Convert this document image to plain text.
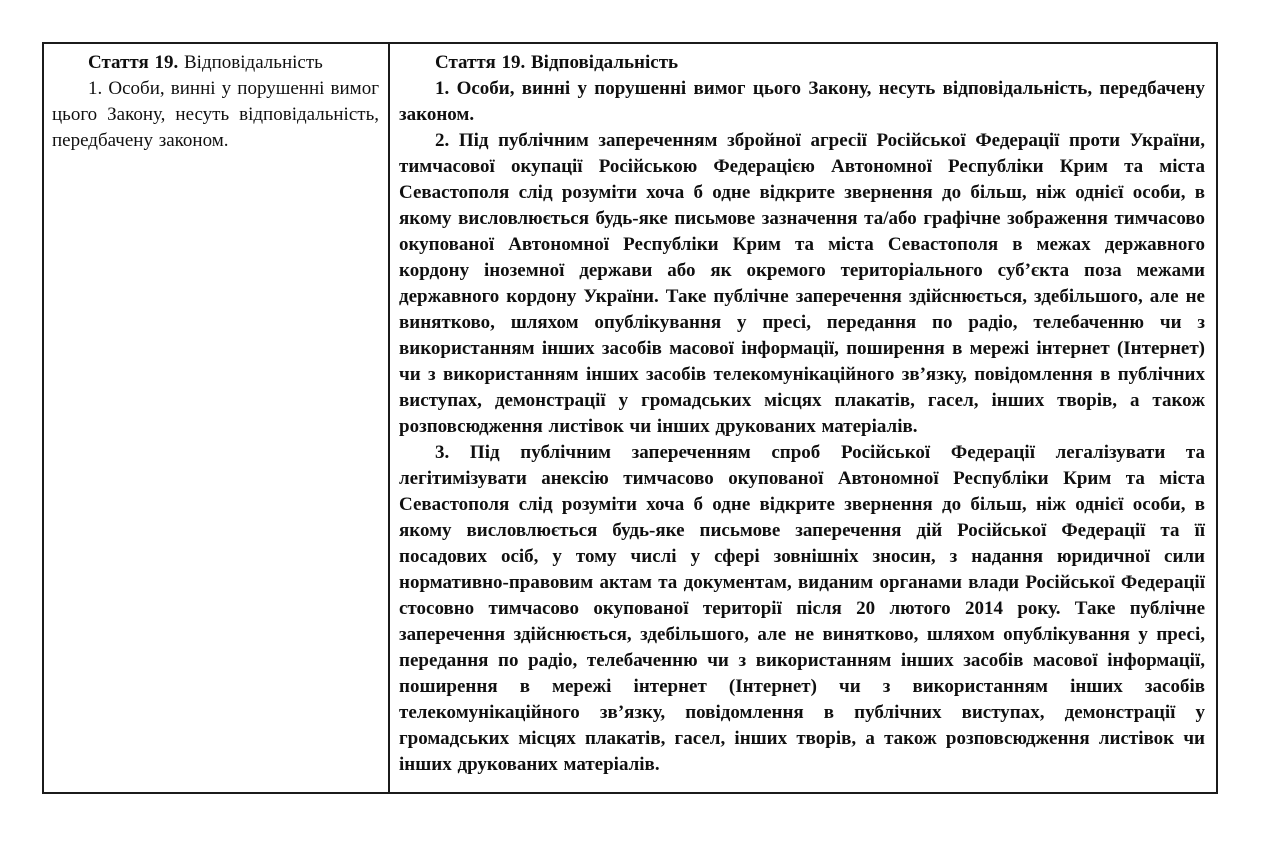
Стаття 19. Відповідальність

1. Особи, винні у порушенні вимог цього Закону, несуть відповідальність, передбачену законом.

Стаття 19. Відповідальність

1. Особи, винні у порушенні вимог цього Закону, несуть відповідальність, передбачену законом.

2. Під публічним запереченням збройної агресії Російської Федерації проти України, тимчасової окупації Російською Федерацією Автономної Республіки Крим та міста Севастополя слід розуміти хоча б одне відкрите звернення до більш, ніж однієї особи, в якому висловлюється будь-яке письмове зазначення та/або графічне зображення тимчасово окупованої Автономної Республіки Крим та міста Севастополя в межах державного кордону іноземної держави або як окремого територіального суб’єкта поза межами державного кордону України. Таке публічне заперечення здійснюється, здебільшого, але не винятково, шляхом опублікування у пресі, передання по радіо, телебаченню чи з використанням інших засобів масової інформації, поширення в мережі інтернет (Інтернет) чи з використанням інших засобів телекомунікаційного зв’язку, повідомлення в публічних виступах, демонстрації у громадських місцях плакатів, гасел, інших творів, а також розповсюдження листівок чи інших друкованих матеріалів.

3. Під публічним запереченням спроб Російської Федерації легалізувати та легітимізувати анексію тимчасово окупованої Автономної Республіки Крим та міста Севастополя слід розуміти хоча б одне відкрите звернення до більш, ніж однієї особи, в якому висловлюється будь-яке письмове заперечення дій Російської Федерації та її посадових осіб, у тому числі у сфері зовнішніх зносин, з надання юридичної сили нормативно-правовим актам та документам, виданим органами влади Російської Федерації стосовно тимчасово окупованої території після 20 лютого 2014 року. Таке публічне заперечення здійснюється, здебільшого, але не винятково, шляхом опублікування у пресі, передання по радіо, телебаченню чи з використанням інших засобів масової інформації, поширення в мережі інтернет (Інтернет) чи з використанням інших засобів телекомунікаційного зв’язку, повідомлення в публічних виступах, демонстрації у громадських місцях плакатів, гасел, інших творів, а також розповсюдження листівок чи інших друкованих матеріалів.
